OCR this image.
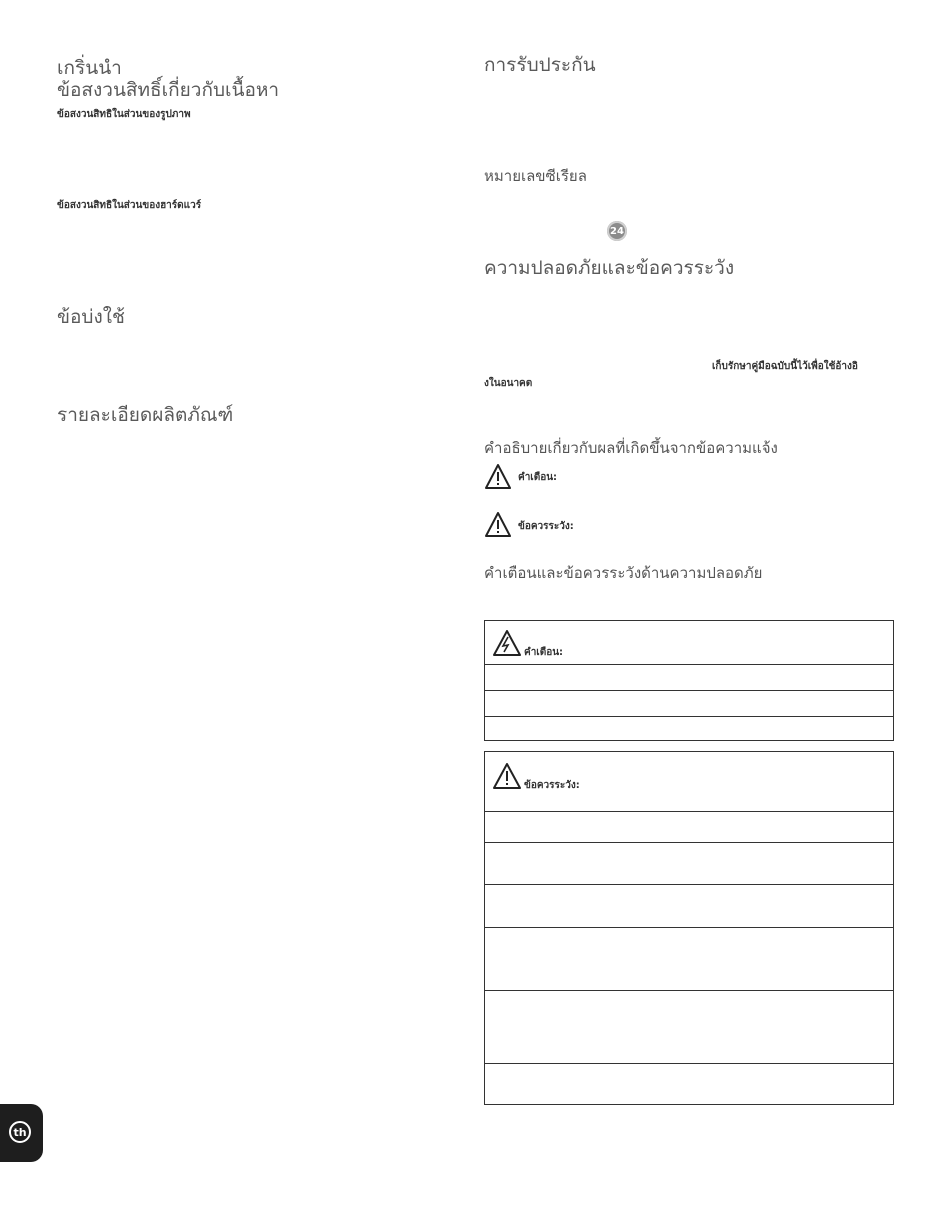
เกริ่นนำ
ข้อสงวนสิทธิ์เกี่ยวกับเนื้อหา
ข้อสงวนสิทธิในส่วนของรูปภาพ
ข้อสงวนสิทธิในส่วนของฮาร์ดแวร์
ข้อบ่งใช้
รายละเอียดผลิตภัณฑ์
การรับประกัน
หมายเลขซีเรียล
24
ความปลอดภัยและข้อควรระวัง
เก็บรักษาคู่มือฉบับนี้ไว้เพื่อใช้อ้างอิ
งในอนาคต
คำอธิบายเกี่ยวกับผลที่เกิดขึ้นจากข้อความแจ้ง
คำเตือน:
ข้อควรระวัง:
คำเตือนและข้อควรระวังด้านความปลอดภัย
คำเตือน:
ข้อควรระวัง:
th
